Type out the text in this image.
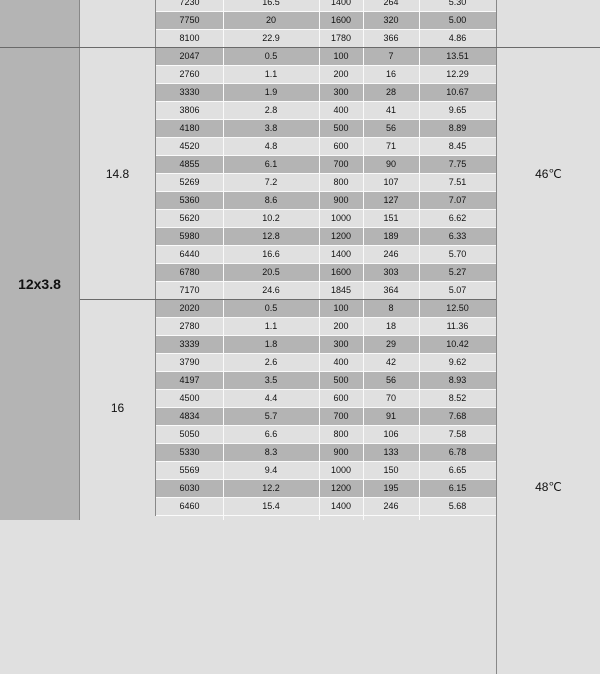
12x3.8
14.8
16
46℃
48℃
7230	16.5	1400	264	5.30
7750	20	1600	320	5.00
8100	22.9	1780	366	4.86
2047	0.5	100	7	13.51
2760	1.1	200	16	12.29
3330	1.9	300	28	10.67
3806	2.8	400	41	9.65
4180	3.8	500	56	8.89
4520	4.8	600	71	8.45
4855	6.1	700	90	7.75
5269	7.2	800	107	7.51
5360	8.6	900	127	7.07
5620	10.2	1000	151	6.62
5980	12.8	1200	189	6.33
6440	16.6	1400	246	5.70
6780	20.5	1600	303	5.27
7170	24.6	1845	364	5.07
2020	0.5	100	8	12.50
2780	1.1	200	18	11.36
3339	1.8	300	29	10.42
3790	2.6	400	42	9.62
4197	3.5	500	56	8.93
4500	4.4	600	70	8.52
4834	5.7	700	91	7.68
5050	6.6	800	106	7.58
5330	8.3	900	133	6.78
5569	9.4	1000	150	6.65
6030	12.2	1200	195	6.15
6460	15.4	1400	246	5.68
